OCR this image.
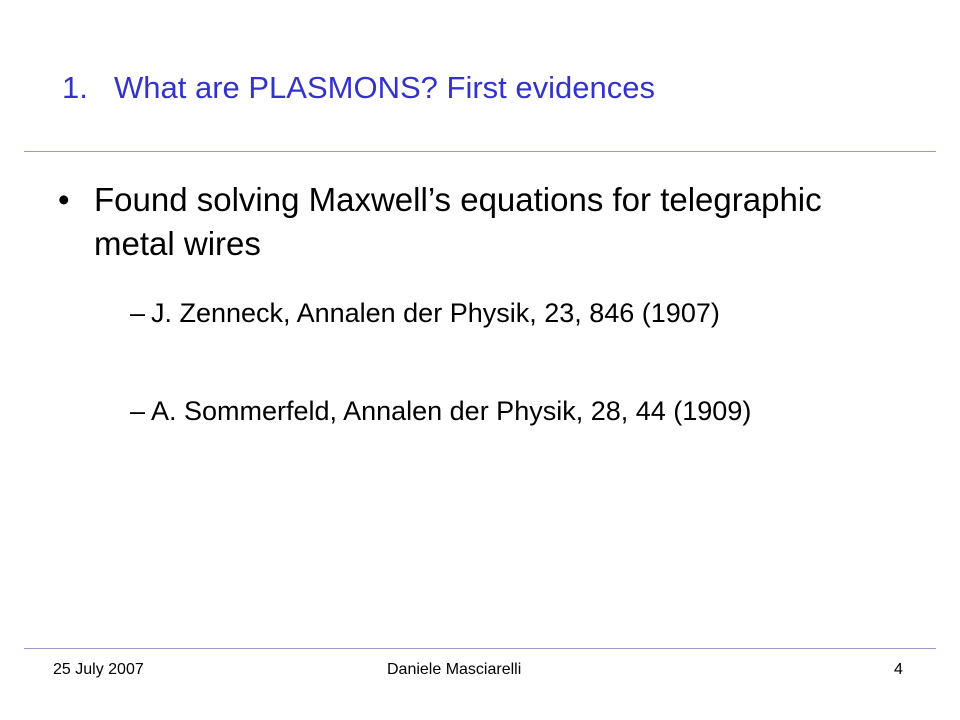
1. What are PLASMONS? First evidences
• Found solving Maxwell’s equations for telegraphic metal wires
– J. Zenneck, Annalen der Physik, 23, 846 (1907)
– A. Sommerfeld, Annalen der Physik, 28, 44 (1909)
25 July 2007	Daniele Masciarelli	4
